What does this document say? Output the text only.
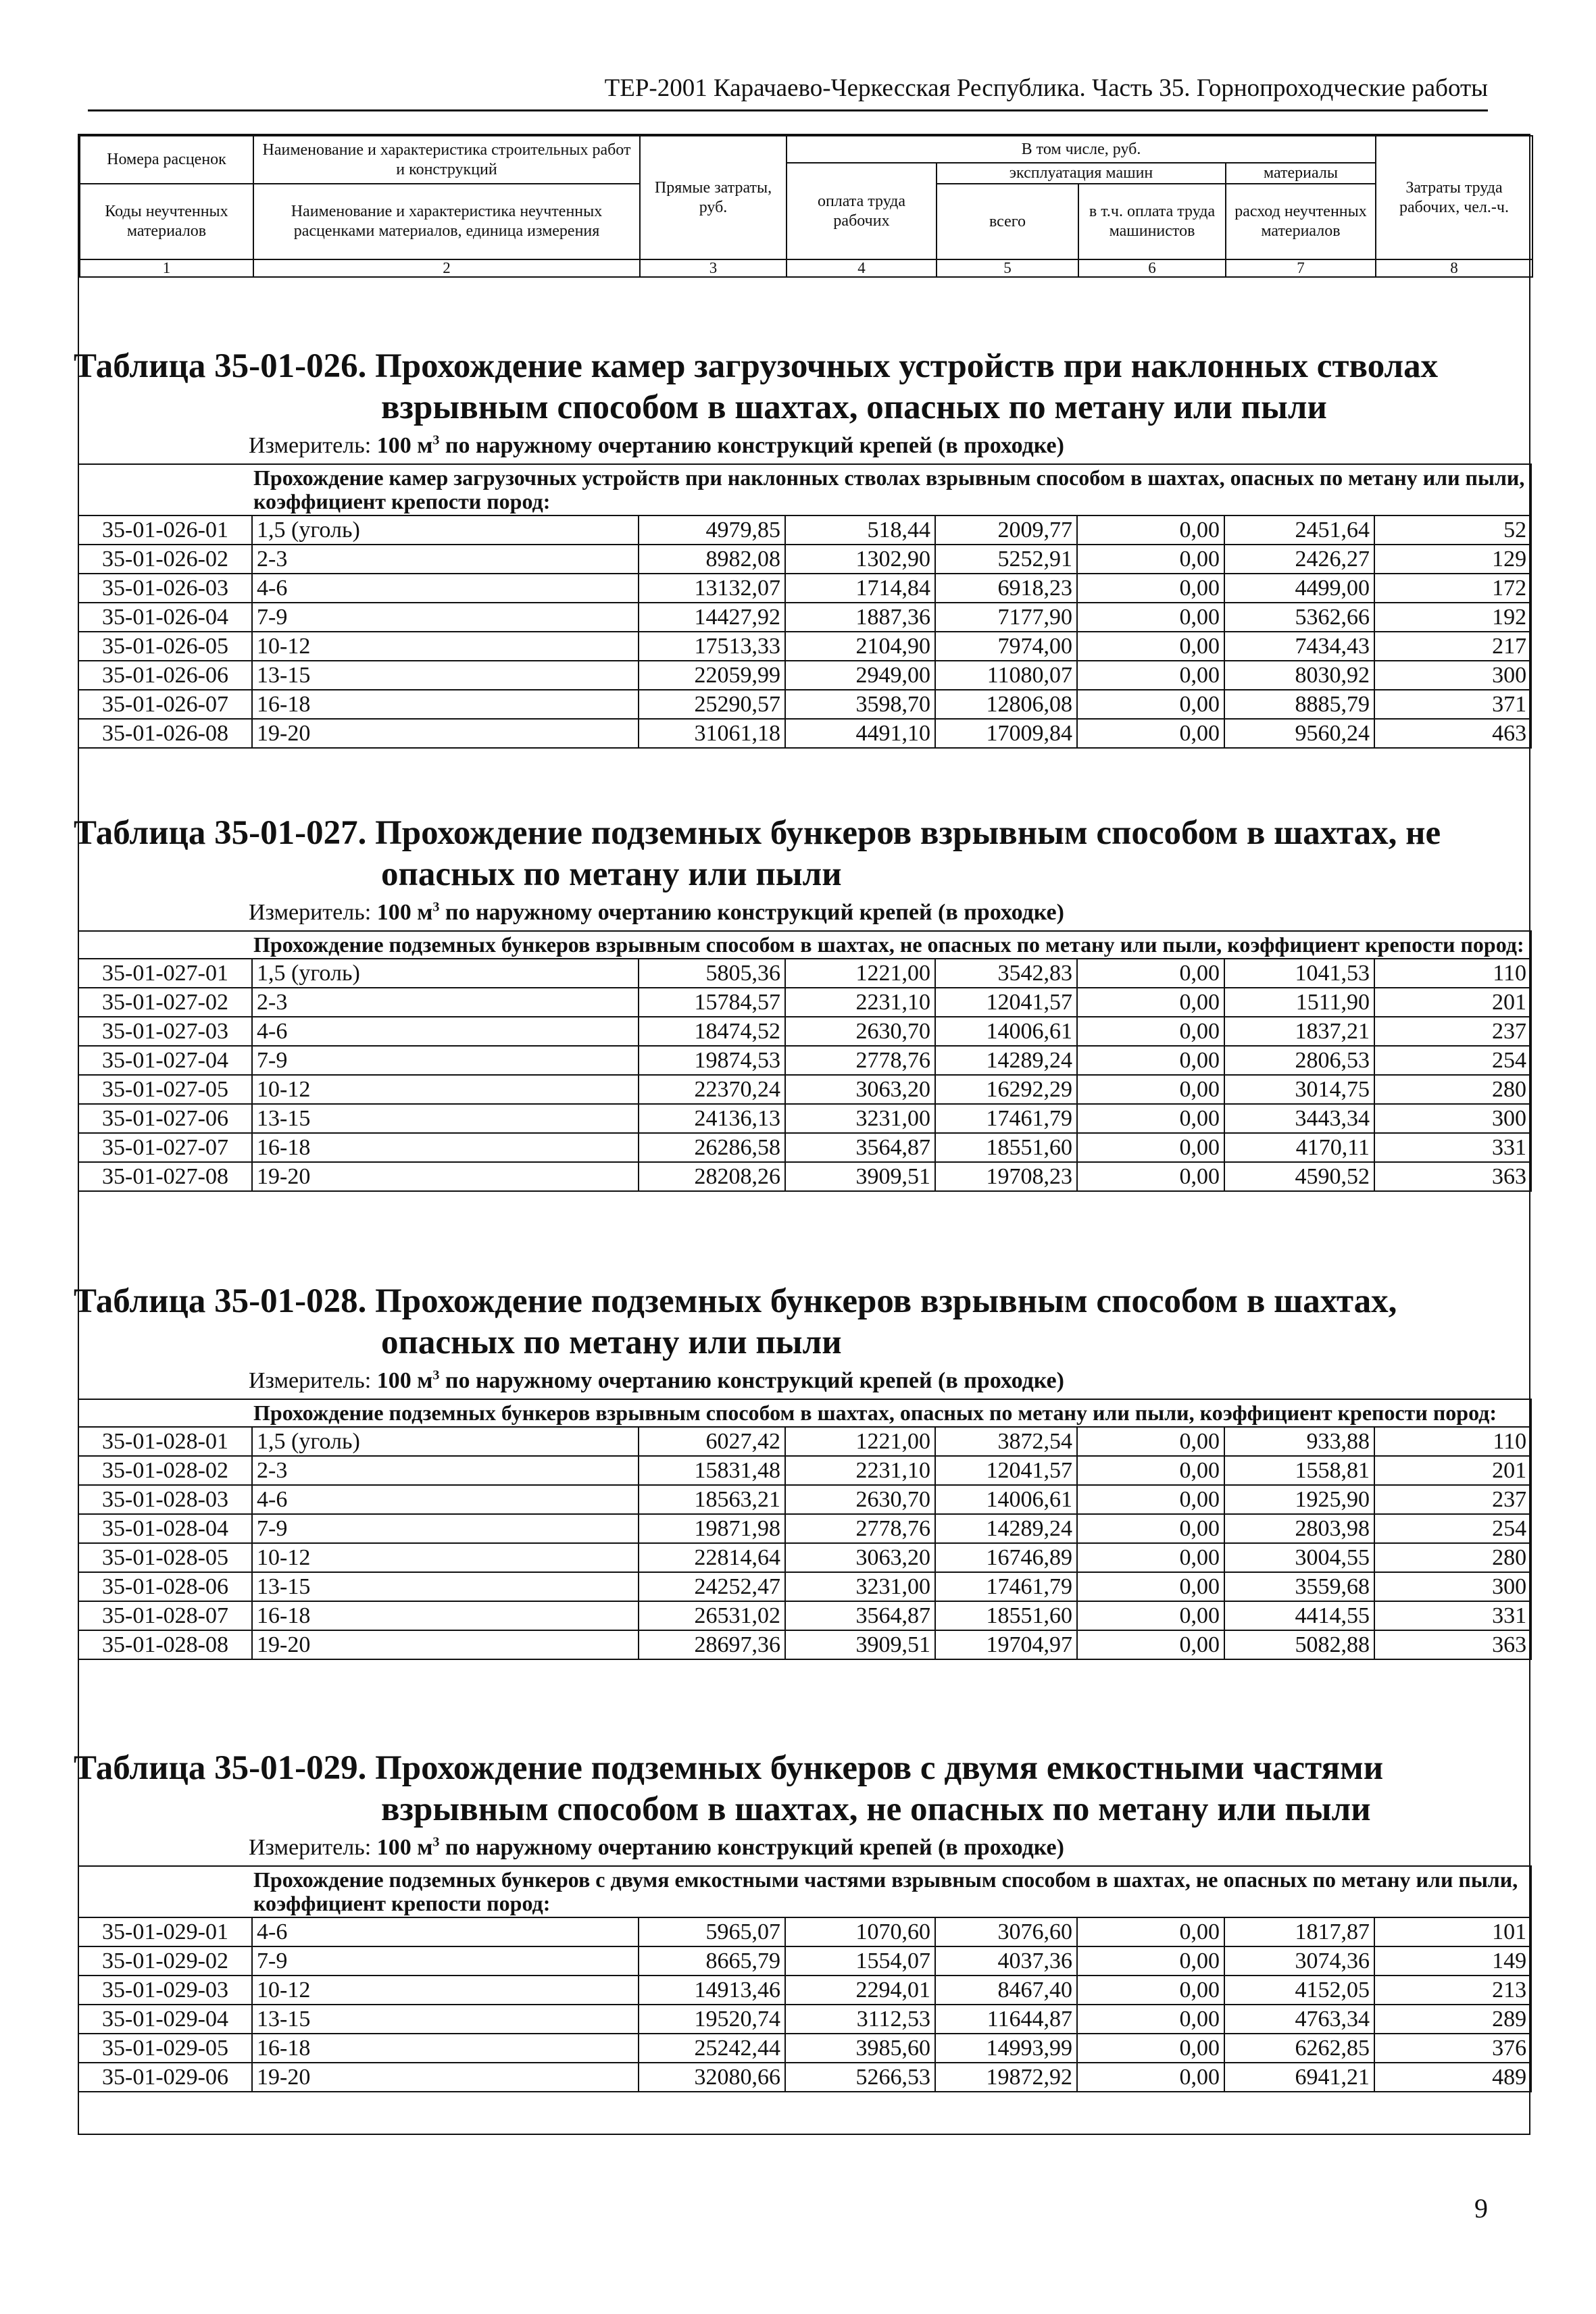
ТЕР-2001 Карачаево-Черкесская Республика. Часть 35. Горнопроходческие работы
Номера расценок	Наименование и характеристика строительных работ и конструкций	Прямые затраты, руб.	В том числе, руб.				Затраты труда рабочих, чел.-ч.
			оплата труда рабочих	эксплуатация машин		материалы	
Коды неучтенных материалов	Наименование и характеристика неучтенных расценками материалов, единица измерения			всего	в т.ч. оплата труда машинистов	расход неучтенных материалов	

1	2	3	4	5	6	7	8
Таблица 35-01-026. Прохождение камер загрузочных устройств при наклонных стволах
взрывным способом в шахтах, опасных по метану или пыли
Измеритель: 100 $м^3$ по наружному очертанию конструкций крепей (в проходке)
Прохождение камер загрузочных устройств при наклонных стволах взрывным способом в шахтах, опасных по метану или пыли, коэффициент крепости пород:							
35-01-026-01	1,5 (уголь)	4979,85	518,44	2009,77	0,00	2451,64	52
35-01-026-02	2-3	8982,08	1302,90	5252,91	0,00	2426,27	129
35-01-026-03	4-6	13132,07	1714,84	6918,23	0,00	4499,00	172
35-01-026-04	7-9	14427,92	1887,36	7177,90	0,00	5362,66	192
35-01-026-05	10-12	17513,33	2104,90	7974,00	0,00	7434,43	217
35-01-026-06	13-15	22059,99	2949,00	11080,07	0,00	8030,92	300
35-01-026-07	16-18	25290,57	3598,70	12806,08	0,00	8885,79	371
35-01-026-08	19-20	31061,18	4491,10	17009,84	0,00	9560,24	463
Таблица 35-01-027. Прохождение подземных бункеров взрывным способом в шахтах, не
опасных по метану или пыли
Измеритель: 100 $м^3$ по наружному очертанию конструкций крепей (в проходке)
Прохождение подземных бункеров взрывным способом в шахтах, не опасных по метану или пыли, коэффициент крепости пород:							
35-01-027-01	1,5 (уголь)	5805,36	1221,00	3542,83	0,00	1041,53	110
35-01-027-02	2-3	15784,57	2231,10	12041,57	0,00	1511,90	201
35-01-027-03	4-6	18474,52	2630,70	14006,61	0,00	1837,21	237
35-01-027-04	7-9	19874,53	2778,76	14289,24	0,00	2806,53	254
35-01-027-05	10-12	22370,24	3063,20	16292,29	0,00	3014,75	280
35-01-027-06	13-15	24136,13	3231,00	17461,79	0,00	3443,34	300
35-01-027-07	16-18	26286,58	3564,87	18551,60	0,00	4170,11	331
35-01-027-08	19-20	28208,26	3909,51	19708,23	0,00	4590,52	363
Таблица 35-01-028. Прохождение подземных бункеров взрывным способом в шахтах,
опасных по метану или пыли
Измеритель: 100 $м^3$ по наружному очертанию конструкций крепей (в проходке)
Прохождение подземных бункеров взрывным способом в шахтах, опасных по метану или пыли, коэффициент крепости пород:							
35-01-028-01	1,5 (уголь)	6027,42	1221,00	3872,54	0,00	933,88	110
35-01-028-02	2-3	15831,48	2231,10	12041,57	0,00	1558,81	201
35-01-028-03	4-6	18563,21	2630,70	14006,61	0,00	1925,90	237
35-01-028-04	7-9	19871,98	2778,76	14289,24	0,00	2803,98	254
35-01-028-05	10-12	22814,64	3063,20	16746,89	0,00	3004,55	280
35-01-028-06	13-15	24252,47	3231,00	17461,79	0,00	3559,68	300
35-01-028-07	16-18	26531,02	3564,87	18551,60	0,00	4414,55	331
35-01-028-08	19-20	28697,36	3909,51	19704,97	0,00	5082,88	363
Таблица 35-01-029. Прохождение подземных бункеров с двумя емкостными частями
взрывным способом в шахтах, не опасных по метану или пыли
Измеритель: 100 $м^3$ по наружному очертанию конструкций крепей (в проходке)
Прохождение подземных бункеров с двумя емкостными частями взрывным способом в шахтах, не опасных по метану или пыли, коэффициент крепости пород:							
35-01-029-01	4-6	5965,07	1070,60	3076,60	0,00	1817,87	101
35-01-029-02	7-9	8665,79	1554,07	4037,36	0,00	3074,36	149
35-01-029-03	10-12	14913,46	2294,01	8467,40	0,00	4152,05	213
35-01-029-04	13-15	19520,74	3112,53	11644,87	0,00	4763,34	289
35-01-029-05	16-18	25242,44	3985,60	14993,99	0,00	6262,85	376
35-01-029-06	19-20	32080,66	5266,53	19872,92	0,00	6941,21	489
9
